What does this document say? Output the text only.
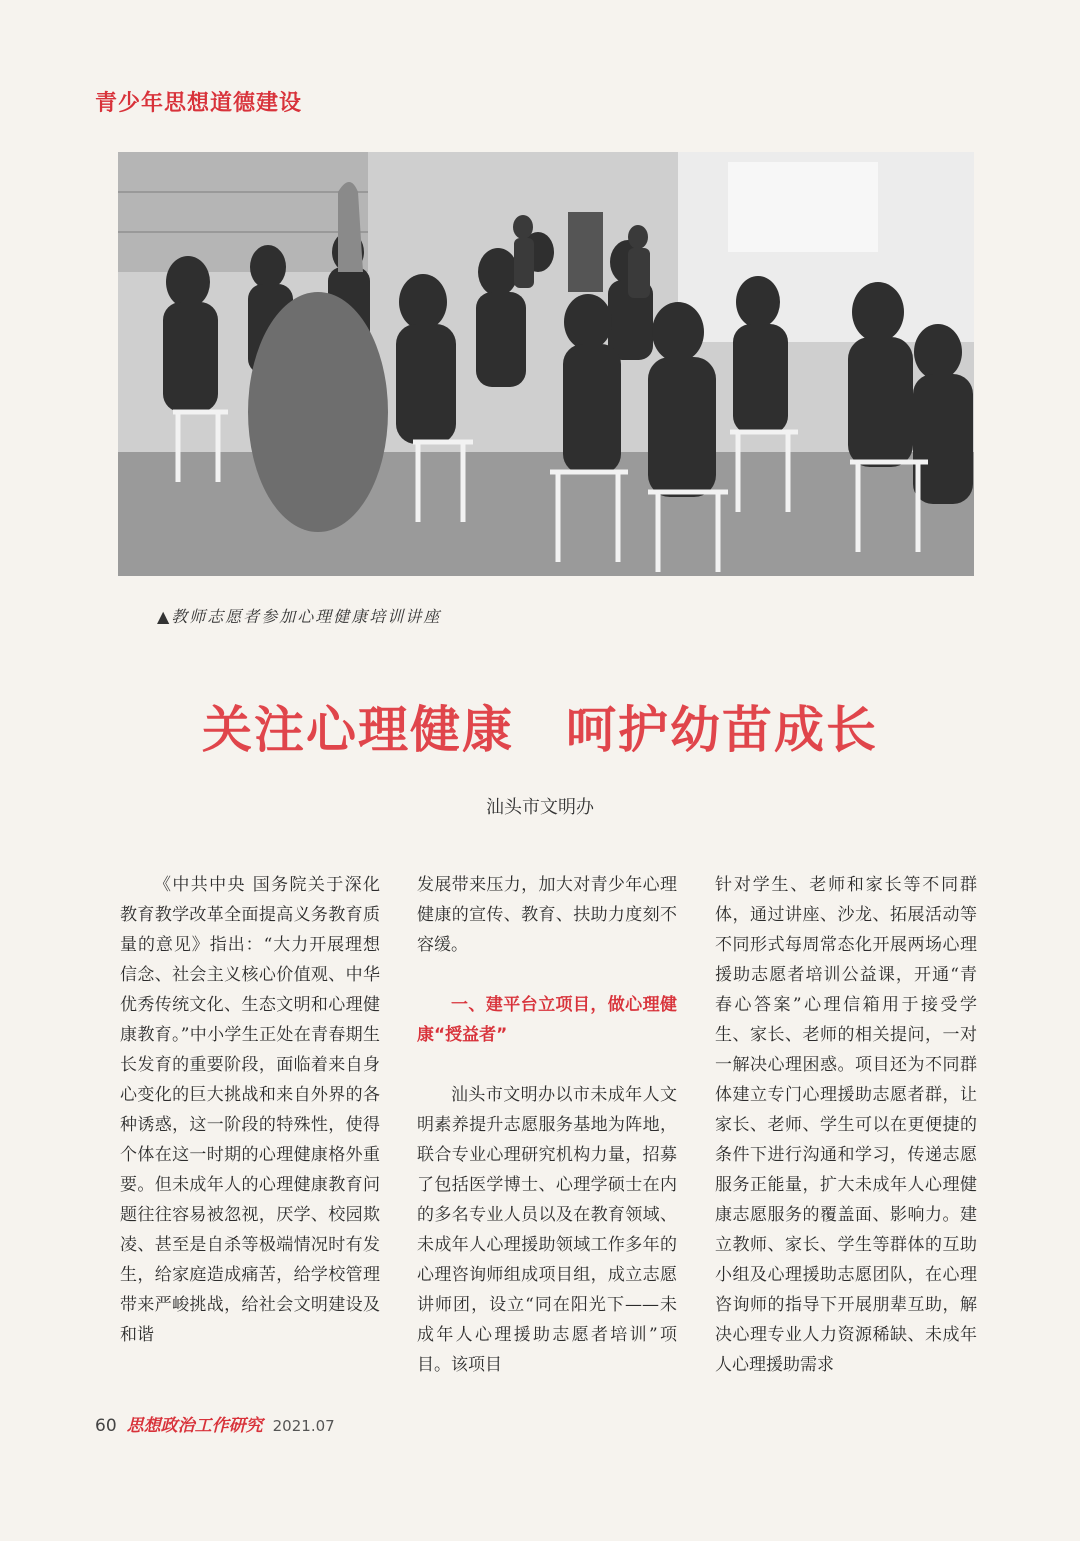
青少年思想道德建设
▲教师志愿者参加心理健康培训讲座
关注心理健康　呵护幼苗成长
汕头市文明办

《中共中央 国务院关于深化教育教学改革全面提高义务教育质量的意见》指出：“大力开展理想信念、社会主义核心价值观、中华优秀传统文化、生态文明和心理健康教育。”中小学生正处在青春期生长发育的重要阶段，面临着来自身心变化的巨大挑战和来自外界的各种诱惑，这一阶段的特殊性，使得个体在这一时期的心理健康格外重要。但未成年人的心理健康教育问题往往容易被忽视，厌学、校园欺凌、甚至是自杀等极端情况时有发生，给家庭造成痛苦，给学校管理带来严峻挑战，给社会文明建设及和谐

发展带来压力，加大对青少年心理健康的宣传、教育、扶助力度刻不容缓。

一、建平台立项目，做心理健康“授益者”

汕头市文明办以市未成年人文明素养提升志愿服务基地为阵地，联合专业心理研究机构力量，招募了包括医学博士、心理学硕士在内的多名专业人员以及在教育领域、未成年人心理援助领域工作多年的心理咨询师组成项目组，成立志愿讲师团，设立“同在阳光下——未成年人心理援助志愿者培训”项目。该项目

针对学生、老师和家长等不同群体，通过讲座、沙龙、拓展活动等不同形式每周常态化开展两场心理援助志愿者培训公益课，开通“青春心答案”心理信箱用于接受学生、家长、老师的相关提问，一对一解决心理困惑。项目还为不同群体建立专门心理援助志愿者群，让家长、老师、学生可以在更便捷的条件下进行沟通和学习，传递志愿服务正能量，扩大未成年人心理健康志愿服务的覆盖面、影响力。建立教师、家长、学生等群体的互助小组及心理援助志愿团队，在心理咨询师的指导下开展朋辈互助，解决心理专业人力资源稀缺、未成年人心理援助需求

60 思想政治工作研究 2021.07
